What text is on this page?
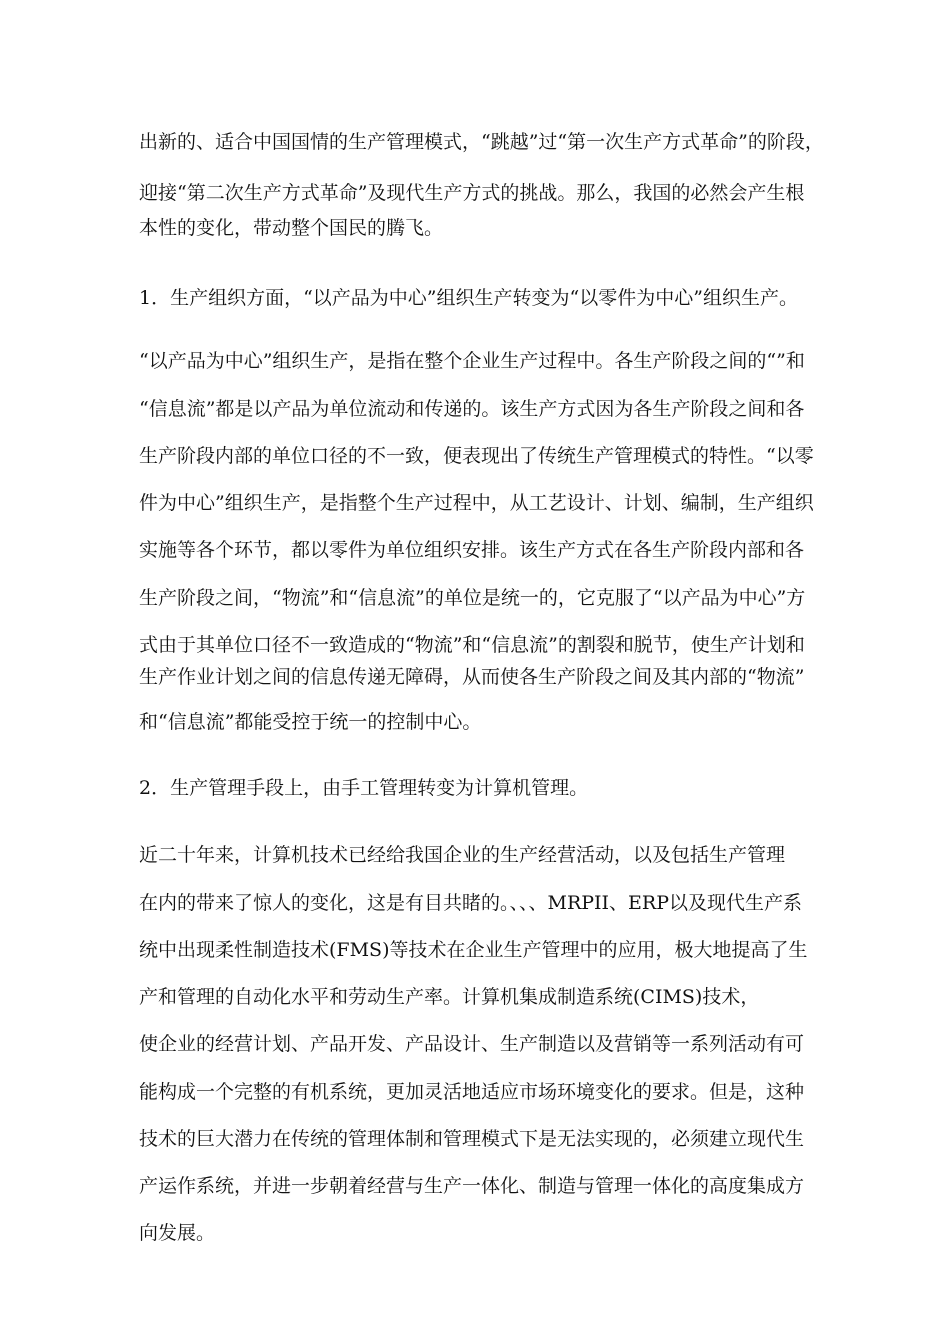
出新的、适合中国国情的生产管理模式，“跳越”过“第一次生产方式革命”的阶段，

迎接“第二次生产方式革命”及现代生产方式的挑战。那么，我国的必然会产生根

本性的变化，带动整个国民的腾飞。

1．生产组织方面，“以产品为中心”组织生产转变为“以零件为中心”组织生产。

“以产品为中心”组织生产，是指在整个企业生产过程中。各生产阶段之间的“”和

“信息流”都是以产品为单位流动和传递的。该生产方式因为各生产阶段之间和各

生产阶段内部的单位口径的不一致，便表现出了传统生产管理模式的特性。“以零

件为中心”组织生产，是指整个生产过程中，从工艺设计、计划、编制，生产组织

实施等各个环节，都以零件为单位组织安排。该生产方式在各生产阶段内部和各

生产阶段之间，“物流”和“信息流”的单位是统一的，它克服了“以产品为中心”方

式由于其单位口径不一致造成的“物流”和“信息流”的割裂和脱节，使生产计划和

生产作业计划之间的信息传递无障碍，从而使各生产阶段之间及其内部的“物流”

和“信息流”都能受控于统一的控制中心。

2．生产管理手段上，由手工管理转变为计算机管理。

近二十年来，计算机技术已经给我国企业的生产经营活动，以及包括生产管理

在内的带来了惊人的变化，这是有目共睹的。、、、MRPII、ERP以及现代生产系

统中出现柔性制造技术(FMS)等技术在企业生产管理中的应用，极大地提高了生

产和管理的自动化水平和劳动生产率。计算机集成制造系统(CIMS)技术，

使企业的经营计划、产品开发、产品设计、生产制造以及营销等一系列活动有可

能构成一个完整的有机系统，更加灵活地适应市场环境变化的要求。但是，这种

技术的巨大潜力在传统的管理体制和管理模式下是无法实现的，必须建立现代生

产运作系统，并进一步朝着经营与生产一体化、制造与管理一体化的高度集成方

向发展。
